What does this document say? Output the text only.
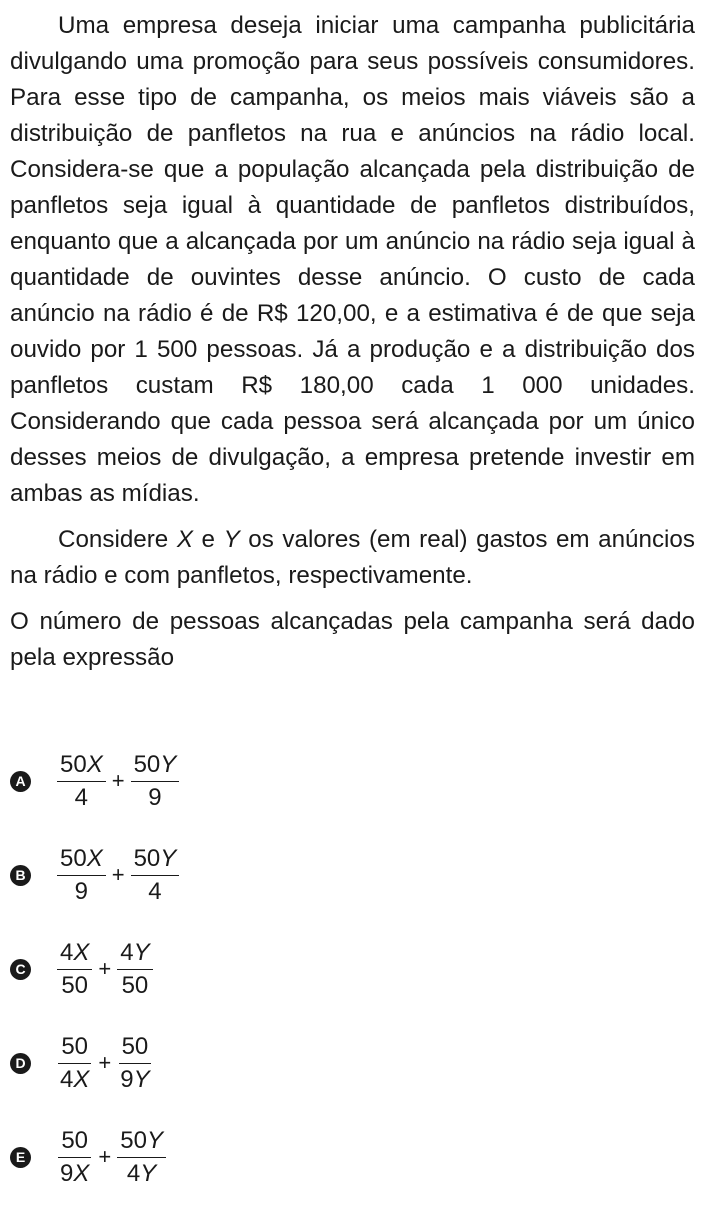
Uma empresa deseja iniciar uma campanha publicitária divulgando uma promoção para seus possíveis consumidores. Para esse tipo de campanha, os meios mais viáveis são a distribuição de panfletos na rua e anúncios na rádio local. Considera-se que a população alcançada pela distribuição de panfletos seja igual à quantidade de panfletos distribuídos, enquanto que a alcançada por um anúncio na rádio seja igual à quantidade de ouvintes desse anúncio. O custo de cada anúncio na rádio é de R$ 120,00, e a estimativa é de que seja ouvido por 1 500 pessoas. Já a produção e a distribuição dos panfletos custam R$ 180,00 cada 1 000 unidades. Considerando que cada pessoa será alcançada por um único desses meios de divulgação, a empresa pretende investir em ambas as mídias.

Considere X e Y os valores (em real) gastos em anúncios na rádio e com panfletos, respectivamente.

O número de pessoas alcançadas pela campanha será dado pela expressão

A $\frac{50X}{4} + \frac{50Y}{9}$
B $\frac{50X}{9} + \frac{50Y}{4}$
C $\frac{4X}{50} + \frac{4Y}{50}$
D $\frac{50}{4X} + \frac{50}{9Y}$
E $\frac{50}{9X} + \frac{50Y}{4Y}$
